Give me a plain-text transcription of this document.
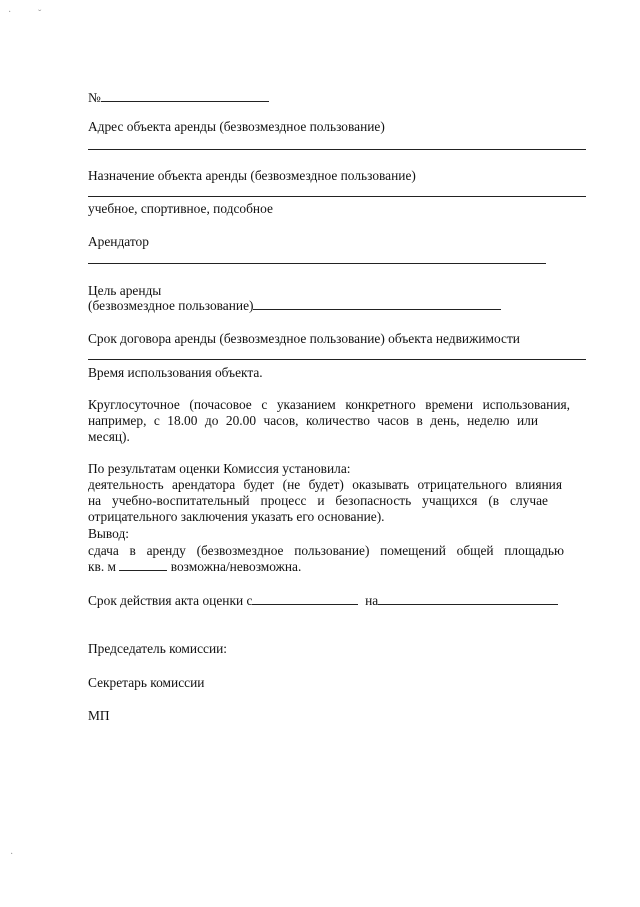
·	ˇ
·
№
Адрес объекта аренды (безвозмездное пользование)
Назначение объекта аренды (безвозмездное пользование)
учебное, спортивное, подсобное
Арендатор
Цель аренды
(безвозмездное пользование)
Срок договора аренды (безвозмездное пользование) объекта недвижимости
Время использования объекта.
Круглосуточное (почасовое с указанием конкретного времени использования,
например, с 18.00 до 20.00 часов, количество часов в день, неделю или
месяц).
По результатам оценки Комиссия установила:
деятельность арендатора будет (не будет) оказывать отрицательного влияния
на учебно-воспитательный процесс и безопасность учащихся (в случае
отрицательного заключения указать его основание).
Вывод:
сдача в аренду (безвозмездное пользование) помещений общей площадью
кв. м	возможна/невозможна.
Срок действия акта оценки с	на
Председатель комиссии:
Секретарь комиссии
МП
